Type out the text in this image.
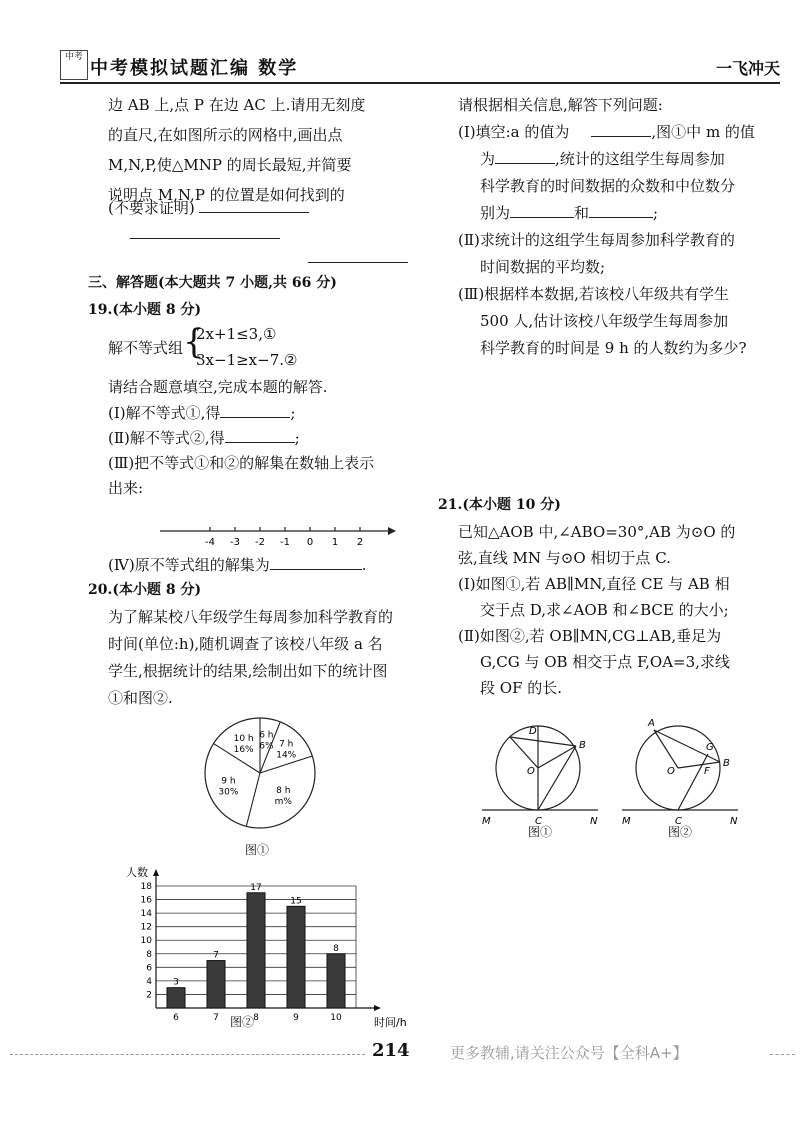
中考
中考模拟试题汇编 数学	一飞冲天
边 AB 上,点 P 在边 AC 上.请用无刻度
的直尺,在如图所示的网格中,画出点
M,N,P,使△MNP 的周长最短,并简要
说明点 M,N,P 的位置是如何找到的
(不要求证明)
三、解答题(本大题共 7 小题,共 66 分)
19.(本小题 8 分)
解不等式组 {
2x+1≤3,①
3x−1≥x−7.②
请结合题意填空,完成本题的解答.
(Ⅰ)解不等式①,得	;
(Ⅱ)解不等式②,得	;
(Ⅲ)把不等式①和②的解集在数轴上表示
出来:
-4 -3 -2 -1 0 1 2
(Ⅳ)原不等式组的解集为	.
20.(本小题 8 分)
为了解某校八年级学生每周参加科学教育的
时间(单位:h),随机调查了该校八年级 a 名
学生,根据统计的结果,绘制出如下的统计图
①和图②.
6 h
6% 7 h
14%
8 h
m%
9 h
30%
10 h
16%
图①
2
4
6
8
10
12
14
16
18
人数
时间/h
3
6
7
7
17
8
15
9
8
10
图②
请根据相关信息,解答下列问题:
(Ⅰ)填空:a 的值为	,图①中 m 的值
为	,统计的这组学生每周参加
科学教育的时间数据的众数和中位数分
别为	和	;
(Ⅱ)求统计的这组学生每周参加科学教育的
时间数据的平均数;
(Ⅲ)根据样本数据,若该校八年级共有学生
500 人,估计该校八年级学生每周参加
科学教育的时间是 9 h 的人数约为多少?
21.(本小题 10 分)
已知△AOB 中,∠ABO=30°,AB 为⊙O 的
弦,直线 MN 与⊙O 相切于点 C.
(Ⅰ)如图①,若 AB∥MN,直径 CE 与 AB 相
交于点 D,求∠AOB 和∠BCE 的大小;
(Ⅱ)如图②,若 OB∥MN,CG⊥AB,垂足为
G,CG 与 OB 相交于点 F,OA=3,求线
段 OF 的长.
D
B
O
M	C	N
图①
A
G
O	F
B
M	C	N
图②
214	更多教辅,请关注公众号【全科A+】
